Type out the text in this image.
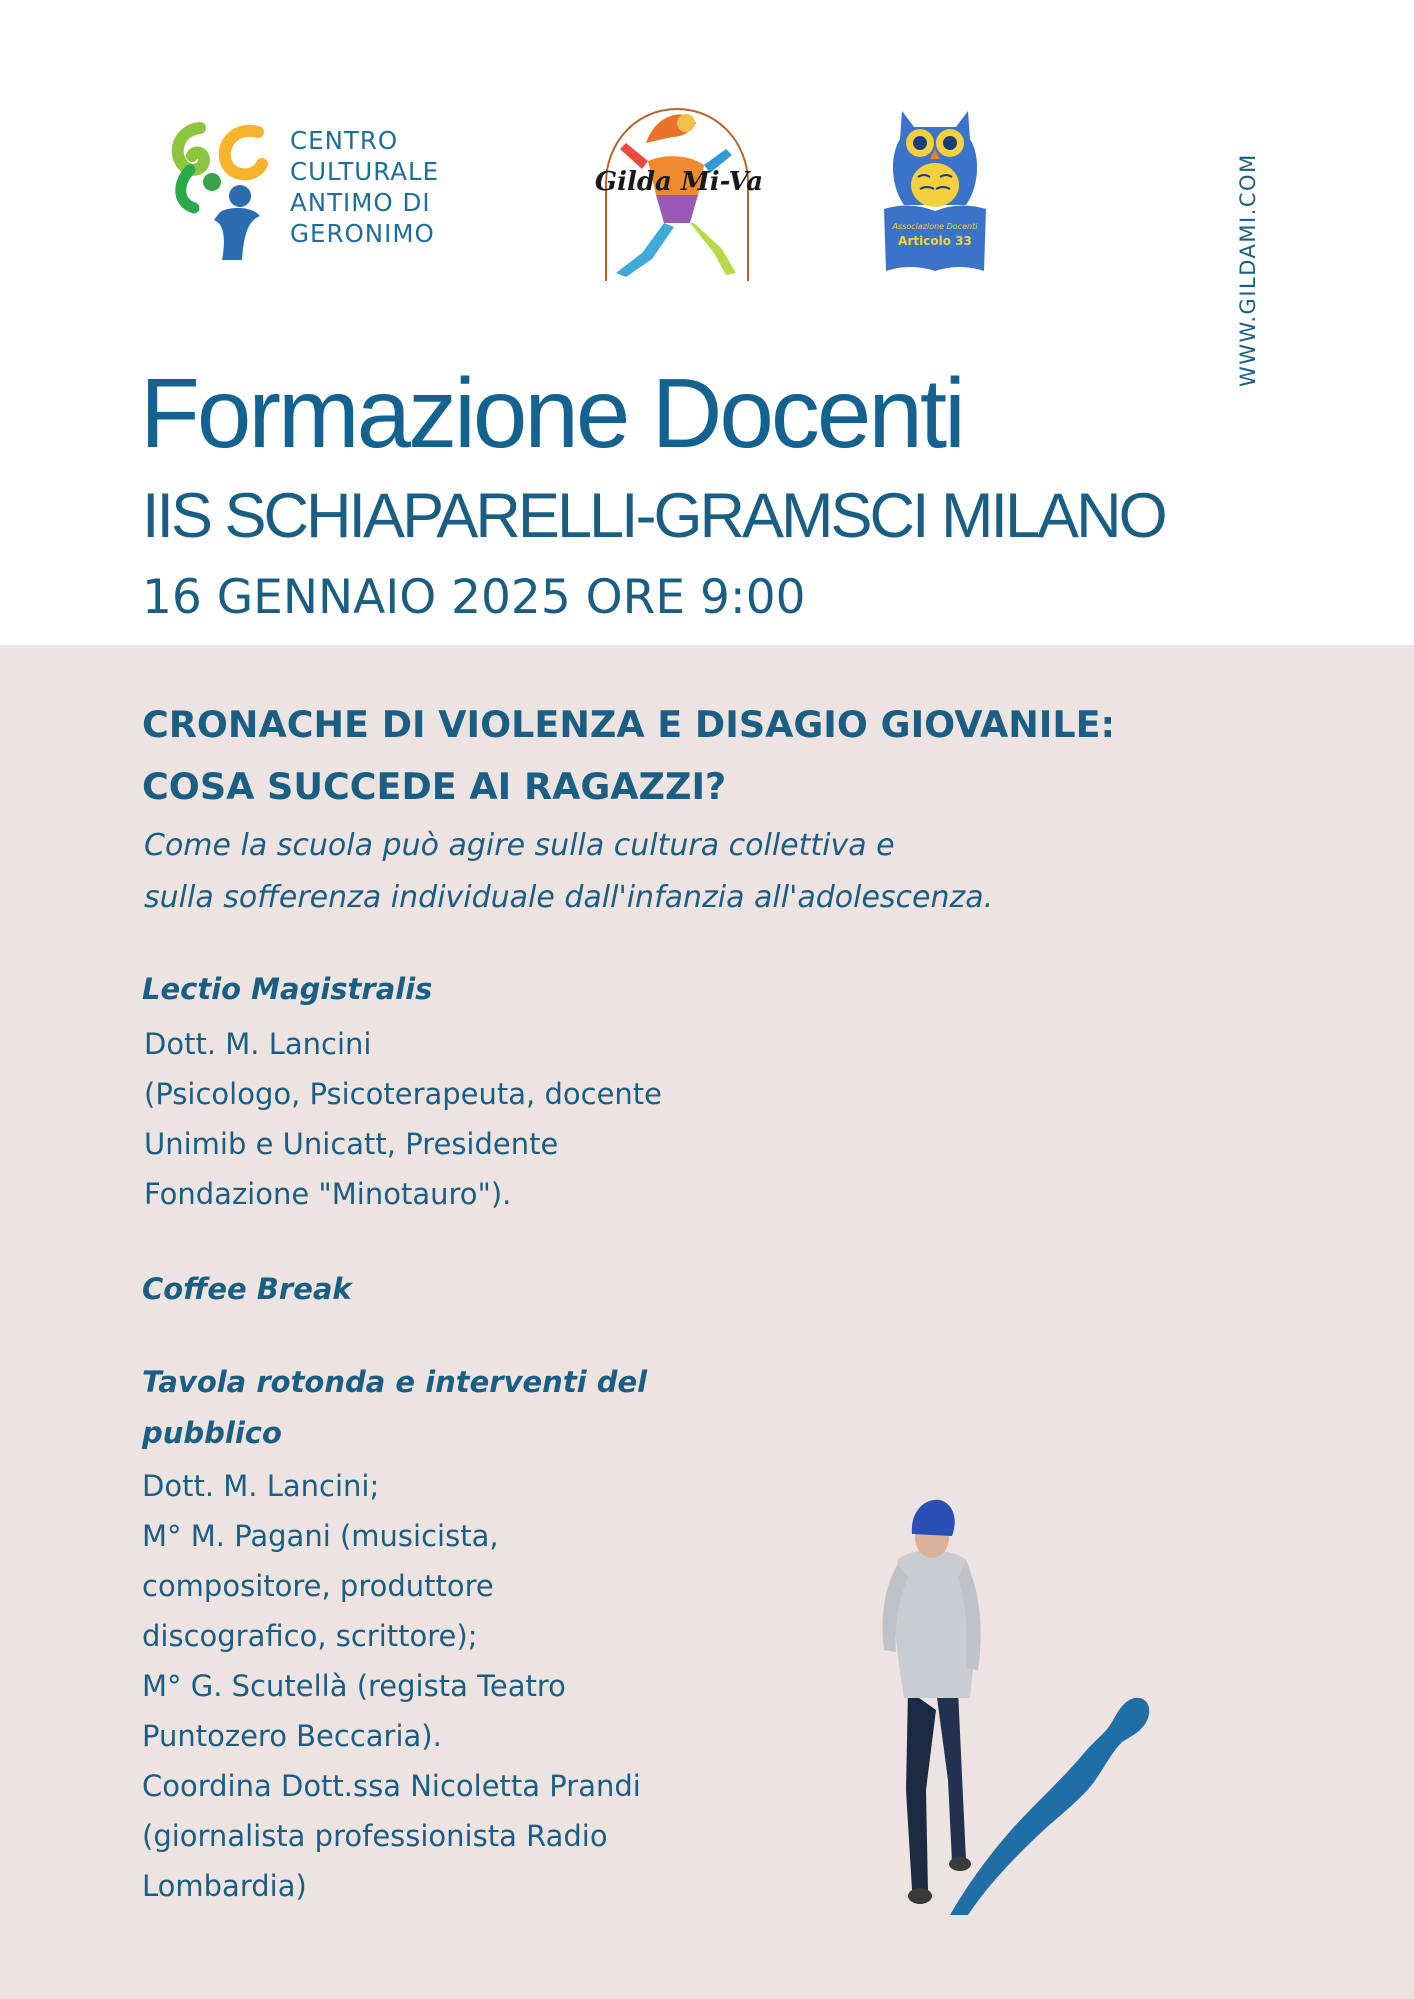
CENTRO
CULTURALE
ANTIMO DI
GERONIMO
Gilda Mi-Va
Associazione Docenti
Articolo 33	WWW.GILDAMI.COM
Formazione Docenti
IIS SCHIAPARELLI-GRAMSCI MILANO
16 GENNAIO 2025 ORE 9:00
CRONACHE DI VIOLENZA E DISAGIO GIOVANILE:
COSA SUCCEDE AI RAGAZZI?
Come la scuola può agire sulla cultura collettiva e
sulla sofferenza individuale dall'infanzia all'adolescenza.
Lectio Magistralis
Dott. M. Lancini
(Psicologo, Psicoterapeuta, docente
Unimib e Unicatt, Presidente
Fondazione "Minotauro").
Coffee Break
Tavola rotonda e interventi del
pubblico
Dott. M. Lancini;
M° M. Pagani (musicista,
compositore, produttore
discografico, scrittore);
M° G. Scutellà (regista Teatro
Puntozero Beccaria).
Coordina Dott.ssa Nicoletta Prandi
(giornalista professionista Radio
Lombardia)
